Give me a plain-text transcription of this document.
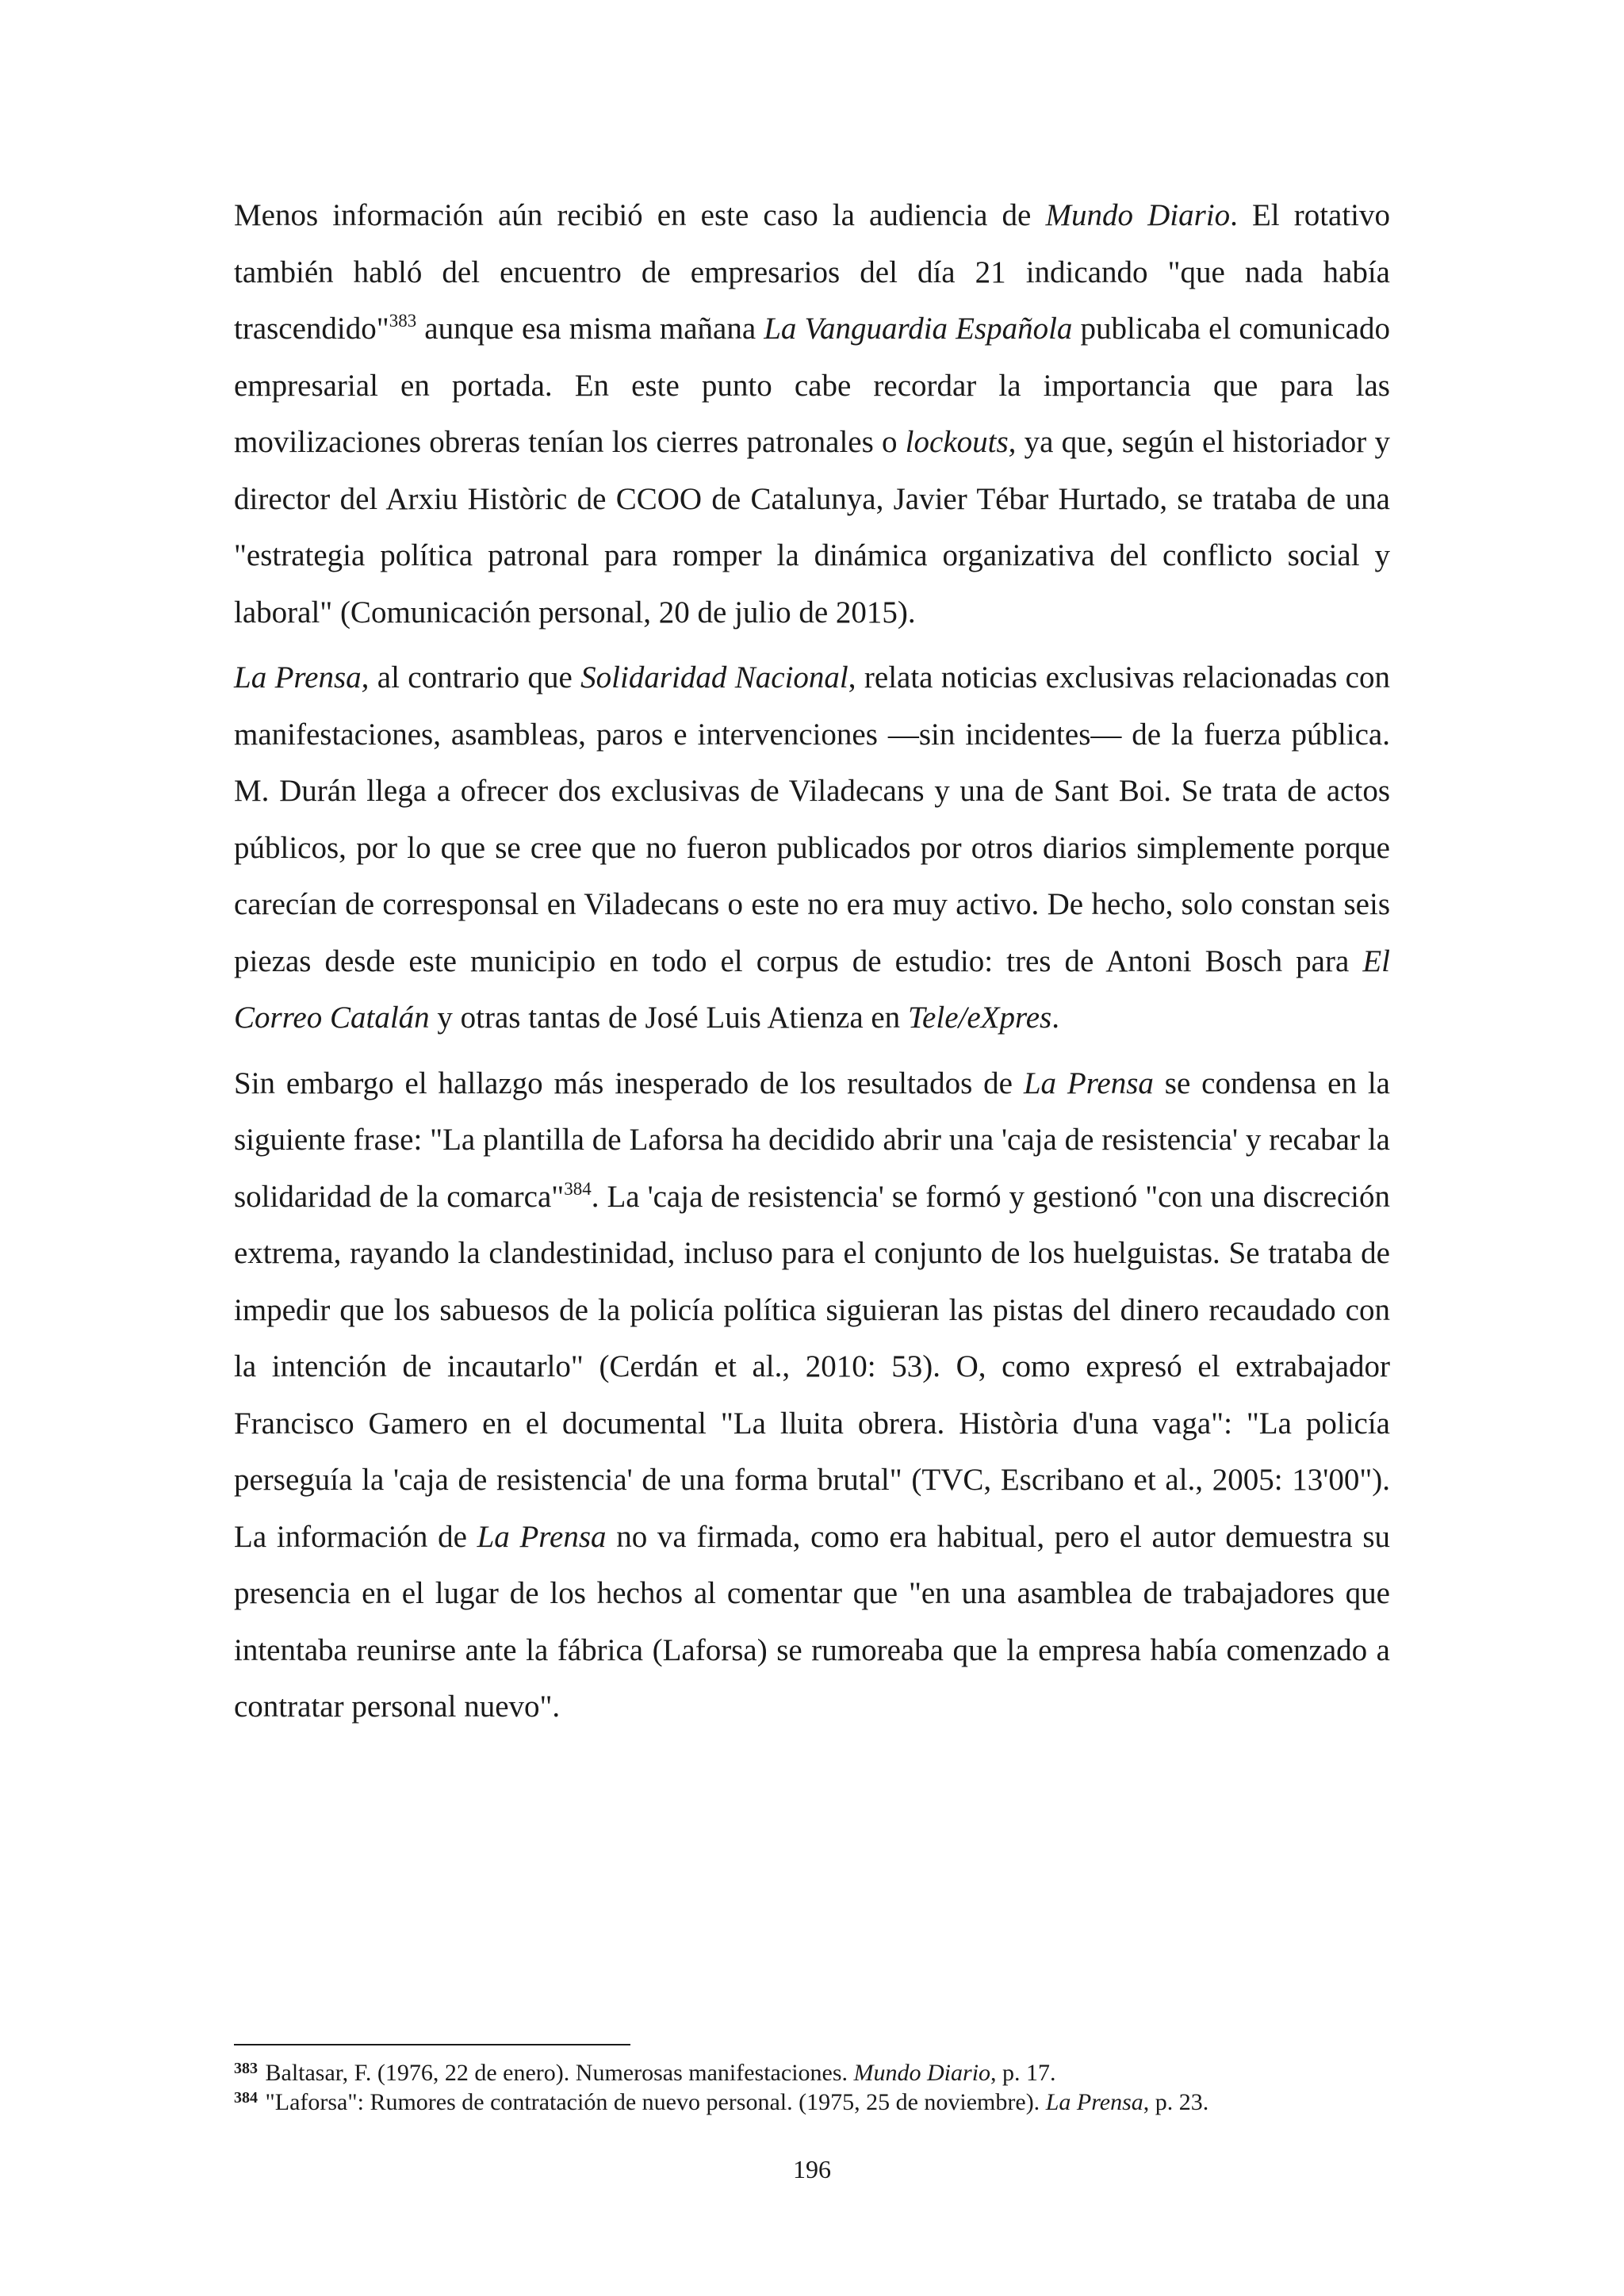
Menos información aún recibió en este caso la audiencia de Mundo Diario. El rotativo también habló del encuentro de empresarios del día 21 indicando "que nada había trascendido"$^{383}$ aunque esa misma mañana La Vanguardia Española publicaba el comunicado empresarial en portada. En este punto cabe recordar la importancia que para las movilizaciones obreras tenían los cierres patronales o lockouts, ya que, según el historiador y director del Arxiu Històric de CCOO de Catalunya, Javier Tébar Hurtado, se trataba de una "estrategia política patronal para romper la dinámica organizativa del conflicto social y laboral" (Comunicación personal, 20 de julio de 2015).

La Prensa, al contrario que Solidaridad Nacional, relata noticias exclusivas relacionadas con manifestaciones, asambleas, paros e intervenciones —sin incidentes— de la fuerza pública. M. Durán llega a ofrecer dos exclusivas de Viladecans y una de Sant Boi. Se trata de actos públicos, por lo que se cree que no fueron publicados por otros diarios simplemente porque carecían de corresponsal en Viladecans o este no era muy activo. De hecho, solo constan seis piezas desde este municipio en todo el corpus de estudio: tres de Antoni Bosch para El Correo Catalán y otras tantas de José Luis Atienza en Tele/eXpres.

Sin embargo el hallazgo más inesperado de los resultados de La Prensa se condensa en la siguiente frase: "La plantilla de Laforsa ha decidido abrir una 'caja de resistencia' y recabar la solidaridad de la comarca"$^{384}$. La 'caja de resistencia' se formó y gestionó "con una discreción extrema, rayando la clandestinidad, incluso para el conjunto de los huelguistas. Se trataba de impedir que los sabuesos de la policía política siguieran las pistas del dinero recaudado con la intención de incautarlo" (Cerdán et al., 2010: 53). O, como expresó el extrabajador Francisco Gamero en el documental "La lluita obrera. Història d'una vaga": "La policía perseguía la 'caja de resistencia' de una forma brutal" (TVC, Escribano et al., 2005: 13'00"). La información de La Prensa no va firmada, como era habitual, pero el autor demuestra su presencia en el lugar de los hechos al comentar que "en una asamblea de trabajadores que intentaba reunirse ante la fábrica (Laforsa) se rumoreaba que la empresa había comenzado a contratar personal nuevo".

$^{383}$ Baltasar, F. (1976, 22 de enero). Numerosas manifestaciones. Mundo Diario, p. 17.

$^{384}$ "Laforsa": Rumores de contratación de nuevo personal. (1975, 25 de noviembre). La Prensa, p. 23.

196
